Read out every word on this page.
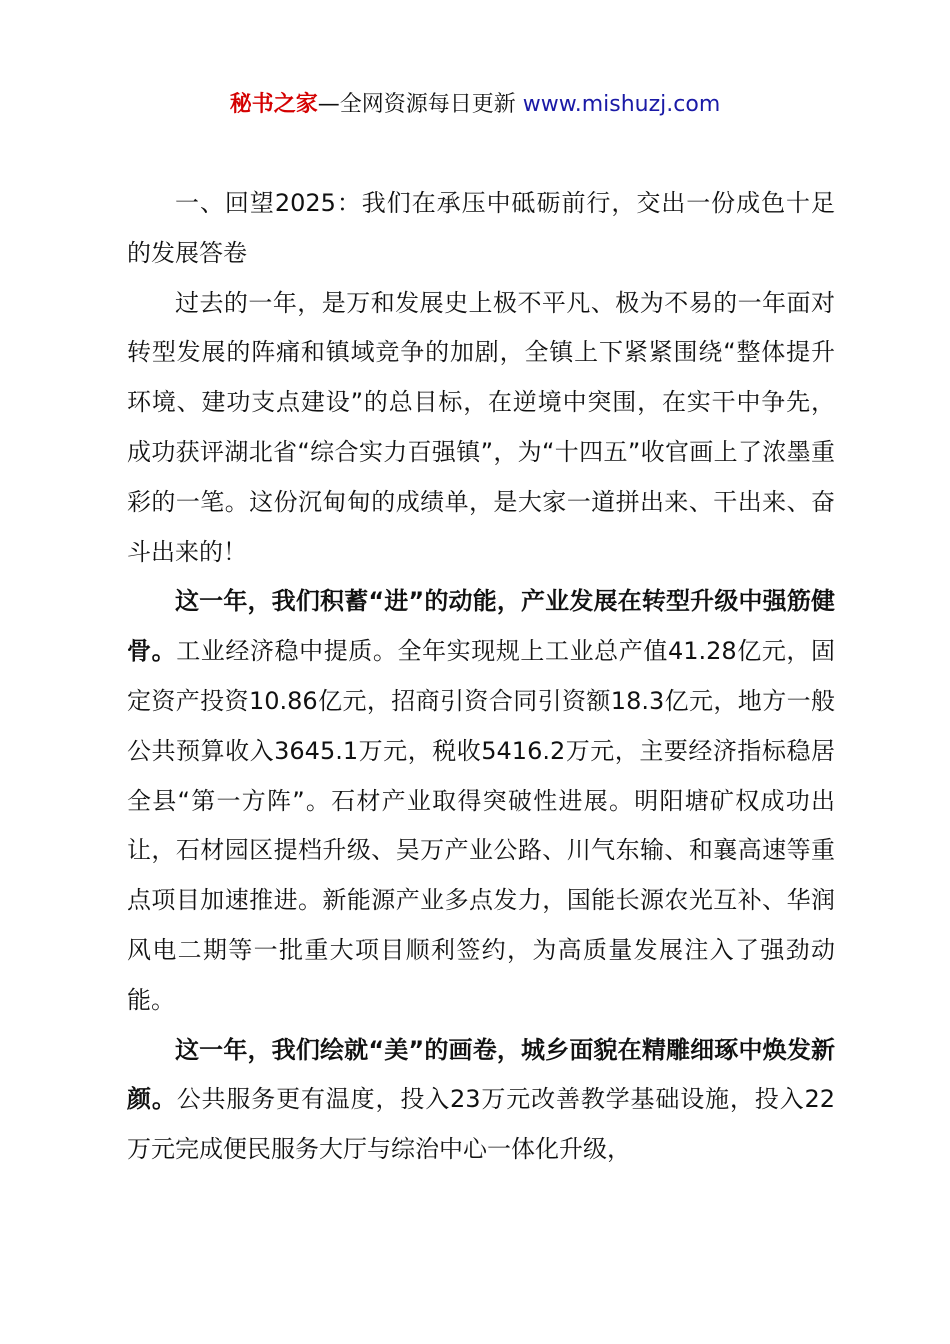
秘书之家—全网资源每日更新 www.mishuzj.com

一、回望2025：我们在承压中砥砺前行，交出一份成色十足的发展答卷

过去的一年，是万和发展史上极不平凡、极为不易的一年面对转型发展的阵痛和镇域竞争的加剧，全镇上下紧紧围绕“整体提升环境、建功支点建设”的总目标，在逆境中突围，在实干中争先，成功获评湖北省“综合实力百强镇”，为“十四五”收官画上了浓墨重彩的一笔。这份沉甸甸的成绩单，是大家一道拼出来、干出来、奋斗出来的！

这一年，我们积蓄“进”的动能，产业发展在转型升级中强筋健骨。工业经济稳中提质。全年实现规上工业总产值41.28亿元，固定资产投资10.86亿元，招商引资合同引资额18.3亿元，地方一般公共预算收入3645.1万元，税收5416.2万元，主要经济指标稳居全县“第一方阵”。石材产业取得突破性进展。明阳塘矿权成功出让，石材园区提档升级、吴万产业公路、川气东输、和襄高速等重点项目加速推进。新能源产业多点发力，国能长源农光互补、华润风电二期等一批重大项目顺利签约，为高质量发展注入了强劲动能。

这一年，我们绘就“美”的画卷，城乡面貌在精雕细琢中焕发新颜。公共服务更有温度，投入23万元改善教学基础设施，投入22万元完成便民服务大厅与综治中心一体化升级，
